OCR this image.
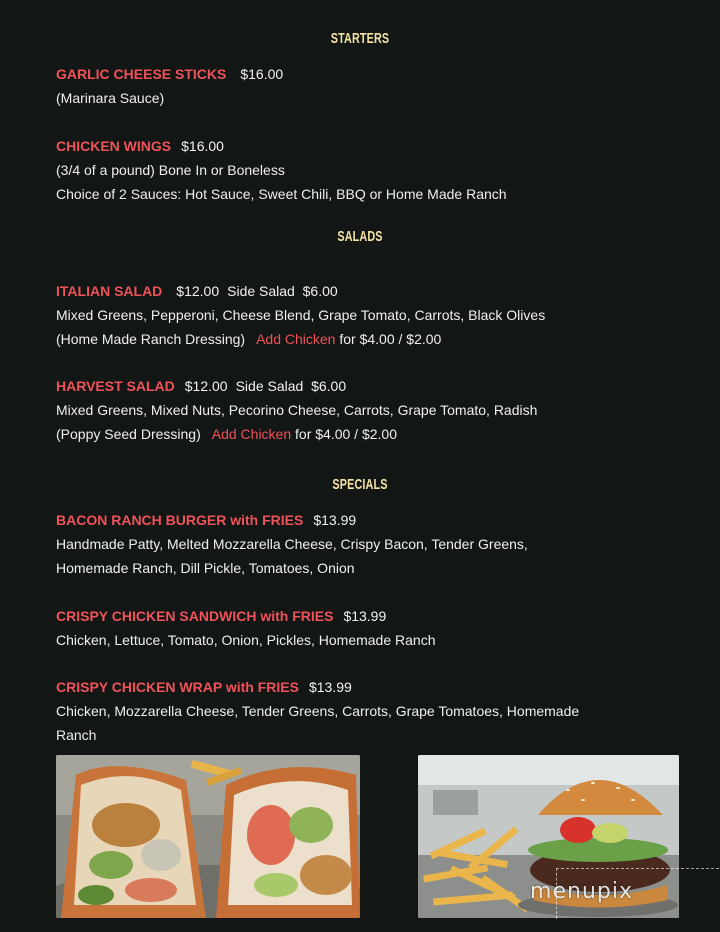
STARTERS
GARLIC CHEESE STICKS $16.00
(Marinara Sauce)
CHICKEN WINGS $16.00
(3/4 of a pound) Bone In or Boneless
Choice of 2 Sauces: Hot Sauce, Sweet Chili, BBQ or Home Made Ranch
SALADS
ITALIAN SALAD $12.00 Side Salad  $6.00
Mixed Greens, Pepperoni, Cheese Blend, Grape Tomato, Carrots, Black Olives
(Home Made Ranch Dressing) Add Chicken for $4.00 / $2.00
HARVEST SALAD $12.00 Side Salad  $6.00
Mixed Greens, Mixed Nuts, Pecorino Cheese, Carrots, Grape Tomato, Radish
(Poppy Seed Dressing) Add Chicken for $4.00 / $2.00
SPECIALS
BACON RANCH BURGER with FRIES $13.99
Handmade Patty, Melted Mozzarella Cheese, Crispy Bacon, Tender Greens,
Homemade Ranch, Dill Pickle, Tomatoes, Onion
CRISPY CHICKEN SANDWICH with FRIES $13.99
Chicken, Lettuce, Tomato, Onion, Pickles, Homemade Ranch
CRISPY CHICKEN WRAP with FRIES $13.99
Chicken, Mozzarella Cheese, Tender Greens, Carrots, Grape Tomatoes, Homemade
Ranch
menupix
